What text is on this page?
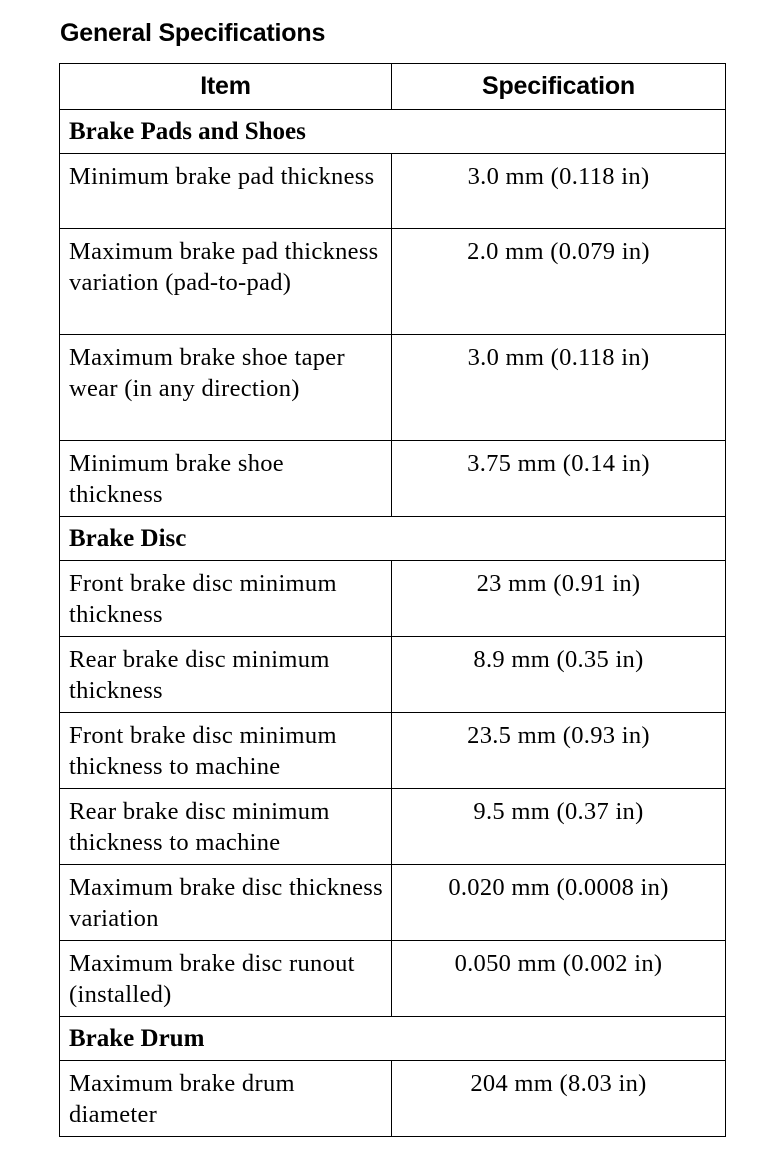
General Specifications
Item	Specification
Brake Pads and Shoes	
Minimum brake pad thickness	3.0 mm (0.118 in)
Maximum brake pad thickness variation (pad-to-pad)	2.0 mm (0.079 in)
Maximum brake shoe taper wear (in any direction)	3.0 mm (0.118 in)
Minimum brake shoe thickness	3.75 mm (0.14 in)
Brake Disc	
Front brake disc minimum thickness	23 mm (0.91 in)
Rear brake disc minimum thickness	8.9 mm (0.35 in)
Front brake disc minimum thickness to machine	23.5 mm (0.93 in)
Rear brake disc minimum thickness to machine	9.5 mm (0.37 in)
Maximum brake disc thickness variation	0.020 mm (0.0008 in)
Maximum brake disc runout (installed)	0.050 mm (0.002 in)
Brake Drum	
Maximum brake drum diameter	204 mm (8.03 in)
